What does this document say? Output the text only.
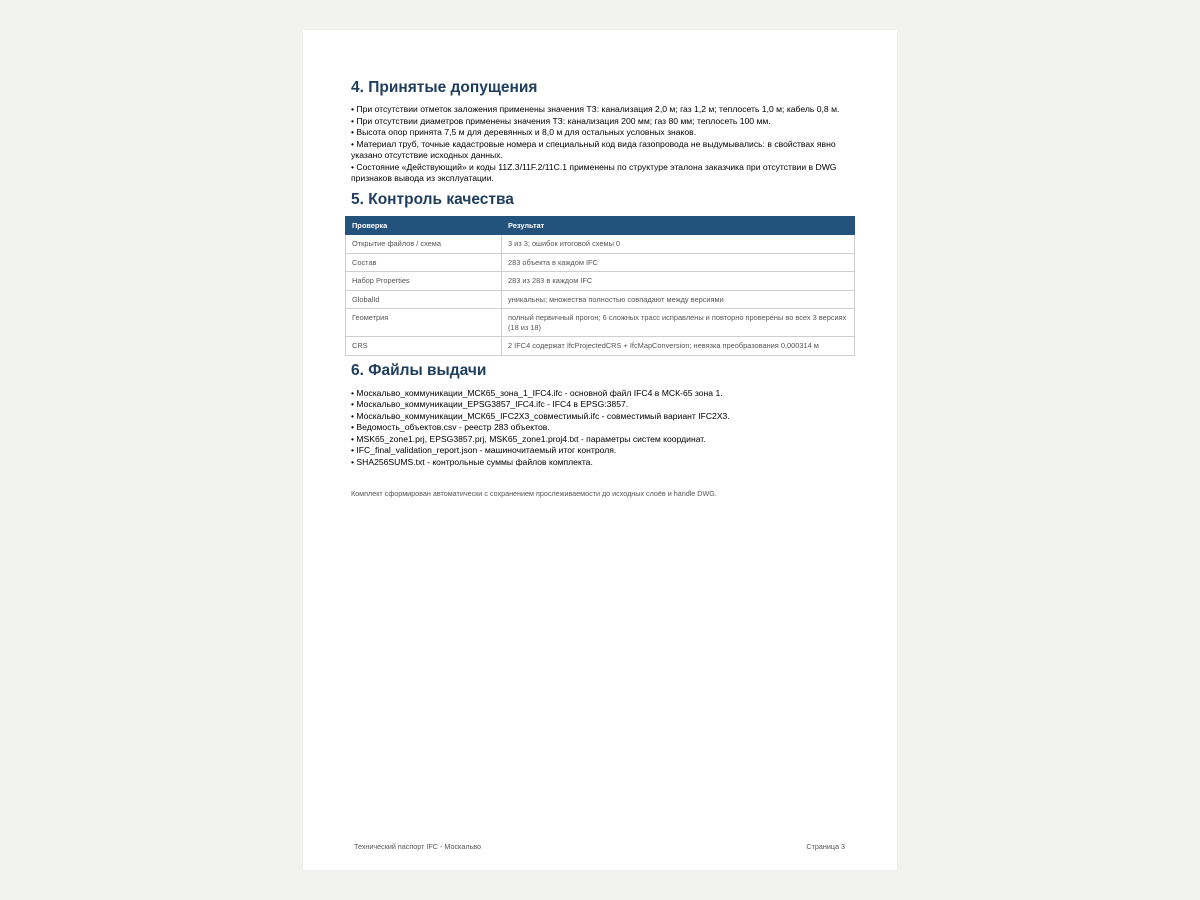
4. Принятые допущения
• При отсутствии отметок заложения применены значения ТЗ: канализация 2,0 м; газ 1,2 м; теплосеть 1,0 м; кабель 0,8 м.
• При отсутствии диаметров применены значения ТЗ: канализация 200 мм; газ 80 мм; теплосеть 100 мм.
• Высота опор принята 7,5 м для деревянных и 8,0 м для остальных условных знаков.
• Материал труб, точные кадастровые номера и специальный код вида газопровода не выдумывались: в свойствах явно указано отсутствие исходных данных.
• Состояние «Действующий» и коды 11Z.3/11F.2/11C.1 применены по структуре эталона заказчика при отсутствии в DWG признаков вывода из эксплуатации.
5. Контроль качества
Проверка	Результат
Открытие файлов / схема	3 из 3; ошибок итоговой схемы 0
Состав	283 объекта в каждом IFC
Набор Properties	283 из 283 в каждом IFC
GlobalId	уникальны; множества полностью совпадают между версиями
Геометрия	полный первичный прогон; 6 сложных трасс исправлены и повторно проверены во всех 3 версиях (18 из 18)
CRS	2 IFC4 содержат IfcProjectedCRS + IfcMapConversion; невязка преобразования 0,000314 м
6. Файлы выдачи
• Москальво_коммуникации_МСК65_зона_1_IFC4.ifc - основной файл IFC4 в МСК-65 зона 1.
• Москальво_коммуникации_EPSG3857_IFC4.ifc - IFC4 в EPSG:3857.
• Москальво_коммуникации_МСК65_IFC2X3_совместимый.ifc - совместимый вариант IFC2X3.
• Ведомость_объектов.csv - реестр 283 объектов.
• MSK65_zone1.prj, EPSG3857.prj, MSK65_zone1.proj4.txt - параметры систем координат.
• IFC_final_validation_report.json - машиночитаемый итог контроля.
• SHA256SUMS.txt - контрольные суммы файлов комплекта.
Комплект сформирован автоматически с сохранением прослеживаемости до исходных слоёв и handle DWG.
Технический паспорт IFC - Москальво	Страница 3
